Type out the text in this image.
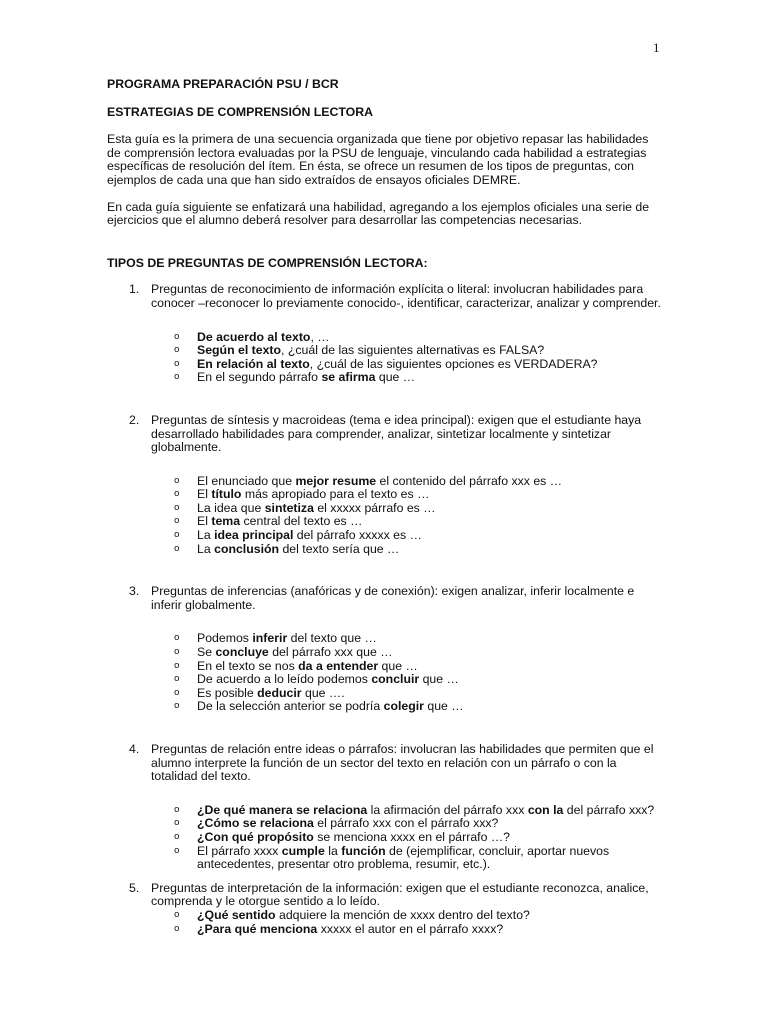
1

PROGRAMA PREPARACIÓN PSU / BCR

ESTRATEGIAS DE COMPRENSIÓN LECTORA

Esta guía es la primera de una secuencia organizada que tiene por objetivo repasar las habilidades de comprensión lectora evaluadas por la PSU de lenguaje, vinculando cada habilidad a estrategias específicas de resolución del ítem. En ésta, se ofrece un resumen de los tipos de preguntas, con ejemplos de cada una que han sido extraídos de ensayos oficiales DEMRE.

En cada guía siguiente se enfatizará una habilidad, agregando a los ejemplos oficiales una serie de ejercicios que el alumno deberá resolver para desarrollar las competencias necesarias.

TIPOS DE PREGUNTAS DE COMPRENSIÓN LECTORA:

1. Preguntas de reconocimiento de información explícita o literal: involucran habilidades para conocer –reconocer lo previamente conocido-, identificar, caracterizar, analizar y comprender.

o De acuerdo al texto, …
o Según el texto, ¿cuál de las siguientes alternativas es FALSA?
o En relación al texto, ¿cuál de las siguientes opciones es VERDADERA?
o En el segundo párrafo se afirma que …
2. Preguntas de síntesis y macroideas (tema e idea principal): exigen que el estudiante haya desarrollado habilidades para comprender, analizar, sintetizar localmente y sintetizar globalmente.

o El enunciado que mejor resume el contenido del párrafo xxx es …
o El título más apropiado para el texto es …
o La idea que sintetiza el xxxxx párrafo es …
o El tema central del texto es …
o La idea principal del párrafo xxxxx es …
o La conclusión del texto sería que …
3. Preguntas de inferencias (anafóricas y de conexión): exigen analizar, inferir localmente e inferir globalmente.

o Podemos inferir del texto que …
o Se concluye del párrafo xxx que …
o En el texto se nos da a entender que …
o De acuerdo a lo leído podemos concluir que …
o Es posible deducir que ….
o De la selección anterior se podría colegir que …
4. Preguntas de relación entre ideas o párrafos: involucran las habilidades que permiten que el alumno interprete la función de un sector del texto en relación con un párrafo o con la totalidad del texto.

o ¿De qué manera se relaciona la afirmación del párrafo xxx con la del párrafo xxx?
o ¿Cómo se relaciona el párrafo xxx con el párrafo xxx?
o ¿Con qué propósito se menciona xxxx en el párrafo …?
o El párrafo xxxx cumple la función de (ejemplificar, concluir, aportar nuevos antecedentes, presentar otro problema, resumir, etc.).
5. Preguntas de interpretación de la información: exigen que el estudiante reconozca, analice, comprenda y le otorgue sentido a lo leído.

o ¿Qué sentido adquiere la mención de xxxx dentro del texto?
o ¿Para qué menciona xxxxx el autor en el párrafo xxxx?
